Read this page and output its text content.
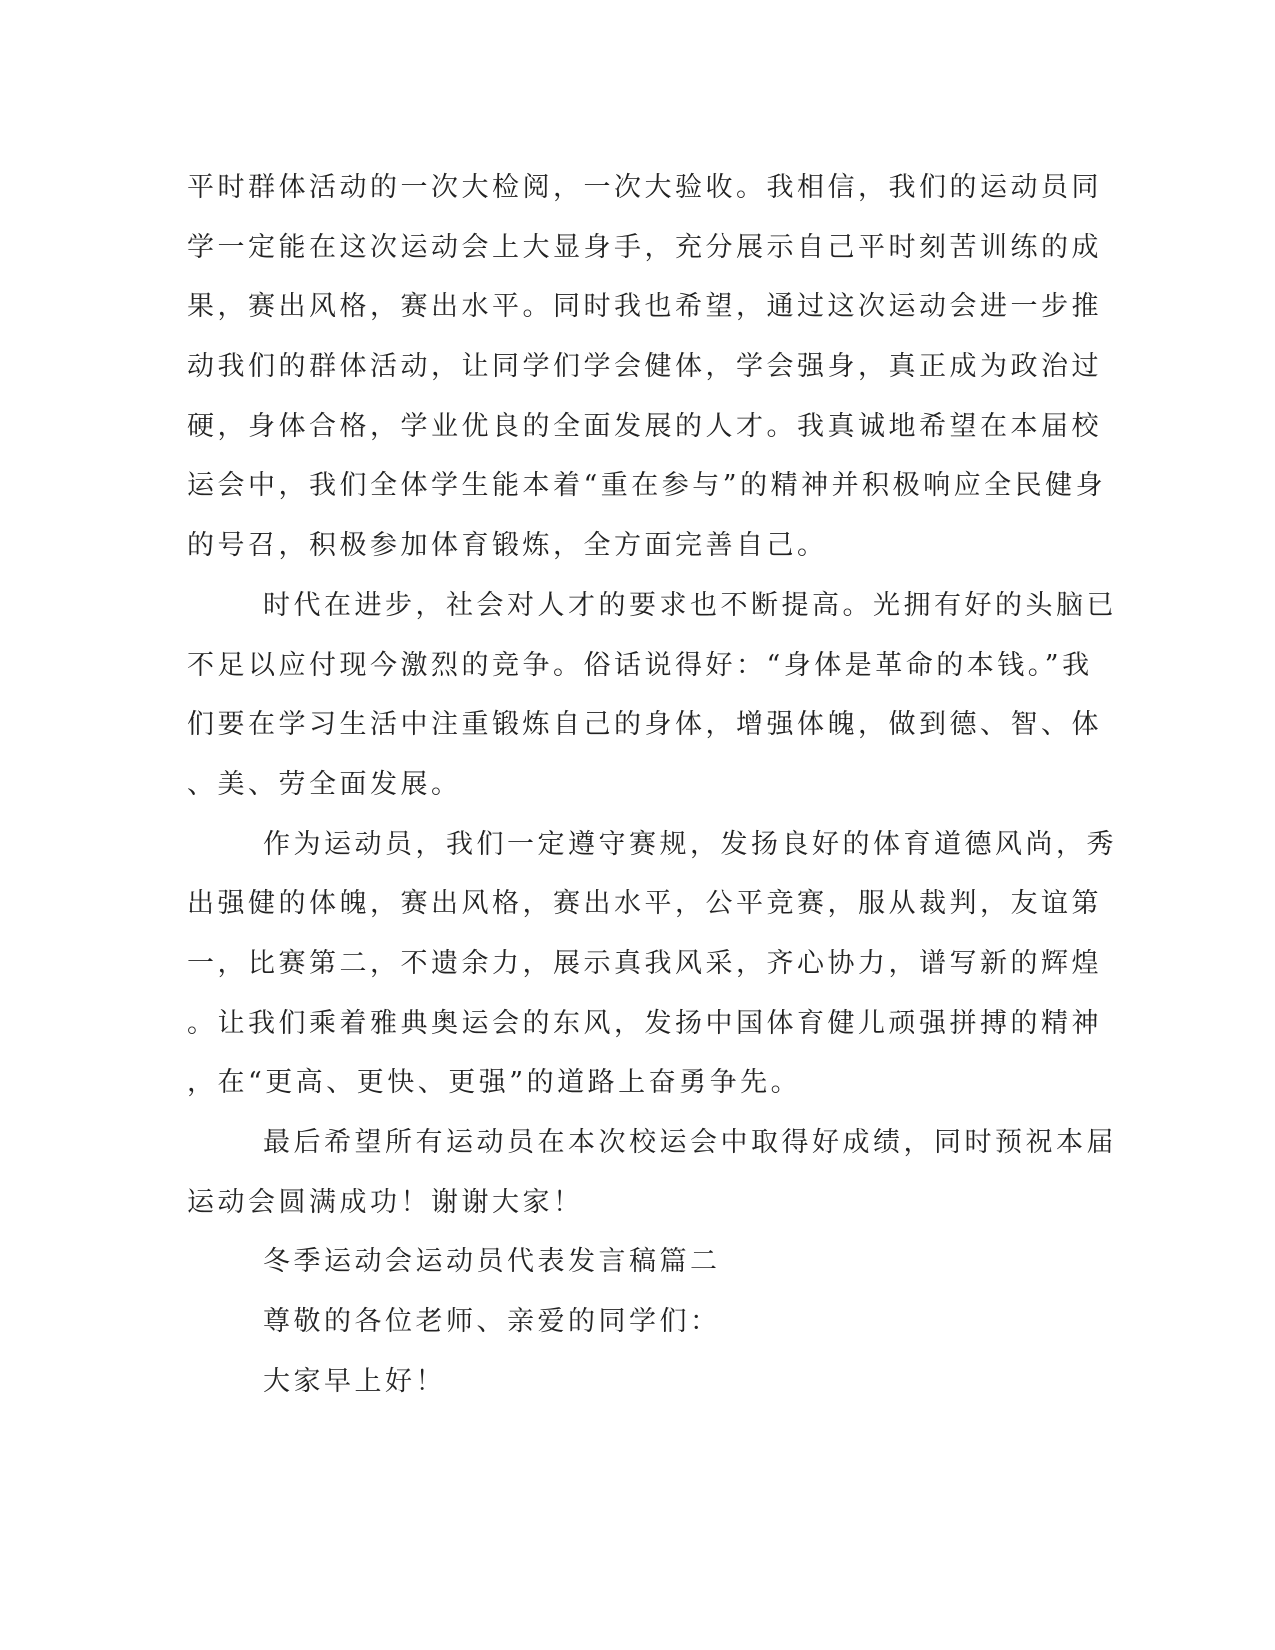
平时群体活动的一次大检阅，一次大验收。我相信，我们的运动员同
学一定能在这次运动会上大显身手，充分展示自己平时刻苦训练的成
果，赛出风格，赛出水平。同时我也希望，通过这次运动会进一步推
动我们的群体活动，让同学们学会健体，学会强身，真正成为政治过
硬，身体合格，学业优良的全面发展的人才。我真诚地希望在本届校
运会中，我们全体学生能本着“重在参与”的精神并积极响应全民健身
的号召，积极参加体育锻炼，全方面完善自己。
时代在进步，社会对人才的要求也不断提高。光拥有好的头脑已
不足以应付现今激烈的竞争。俗话说得好：“身体是革命的本钱。”我
们要在学习生活中注重锻炼自己的身体，增强体魄，做到德、智、体
、美、劳全面发展。
作为运动员，我们一定遵守赛规，发扬良好的体育道德风尚，秀
出强健的体魄，赛出风格，赛出水平，公平竞赛，服从裁判，友谊第
一，比赛第二，不遗余力，展示真我风采，齐心协力，谱写新的辉煌
。让我们乘着雅典奥运会的东风，发扬中国体育健儿顽强拼搏的精神
，在“更高、更快、更强”的道路上奋勇争先。
最后希望所有运动员在本次校运会中取得好成绩，同时预祝本届
运动会圆满成功！谢谢大家！
冬季运动会运动员代表发言稿篇二
尊敬的各位老师、亲爱的同学们：
大家早上好！
